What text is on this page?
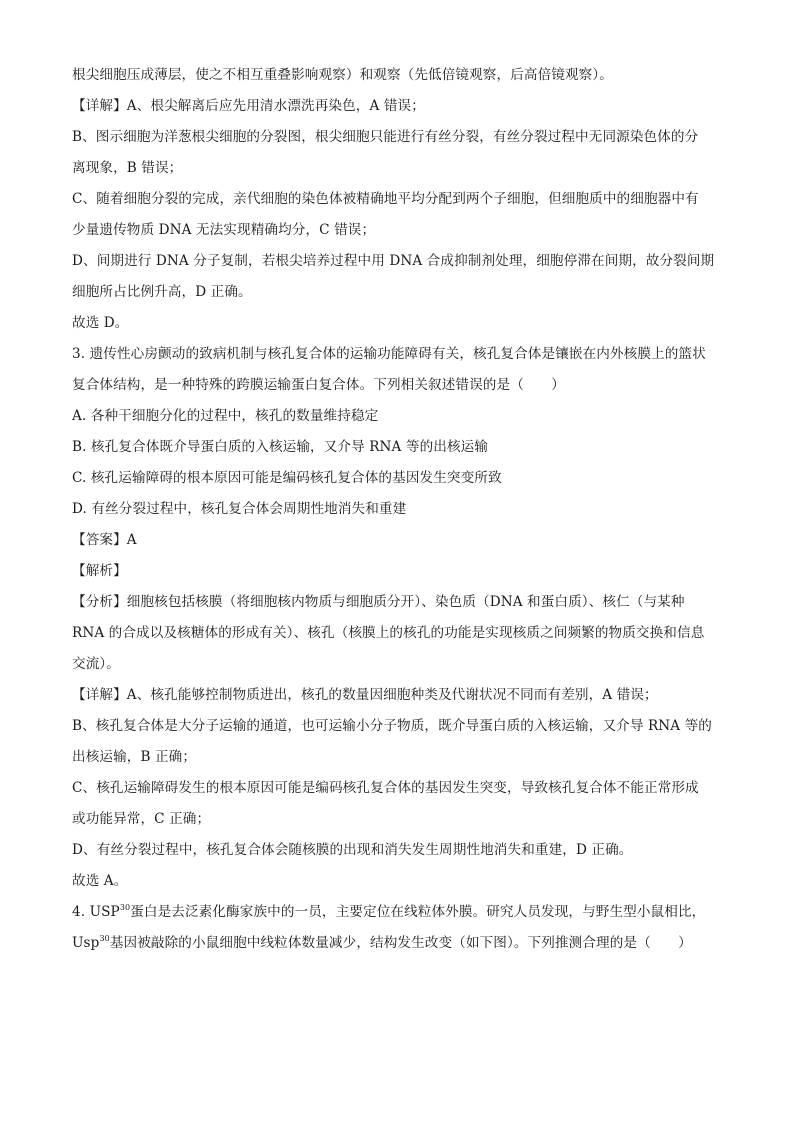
根尖细胞压成薄层，使之不相互重叠影响观察）和观察（先低倍镜观察，后高倍镜观察）。
【详解】A、根尖解离后应先用清水漂洗再染色，A 错误；
B、图示细胞为洋葱根尖细胞的分裂图，根尖细胞只能进行有丝分裂，有丝分裂过程中无同源染色体的分
离现象，B 错误；
C、随着细胞分裂的完成，亲代细胞的染色体被精确地平均分配到两个子细胞，但细胞质中的细胞器中有
少量遗传物质 DNA 无法实现精确均分，C 错误；
D、间期进行 DNA 分子复制，若根尖培养过程中用 DNA 合成抑制剂处理，细胞停滞在间期，故分裂间期
细胞所占比例升高，D 正确。
故选 D。
3. 遗传性心房颤动的致病机制与核孔复合体的运输功能障碍有关，核孔复合体是镶嵌在内外核膜上的篮状
复合体结构，是一种特殊的跨膜运输蛋白复合体。下列相关叙述错误的是（　　）
A. 各种干细胞分化的过程中，核孔的数量维持稳定
B. 核孔复合体既介导蛋白质的入核运输，又介导 RNA 等的出核运输
C. 核孔运输障碍的根本原因可能是编码核孔复合体的基因发生突变所致
D. 有丝分裂过程中，核孔复合体会周期性地消失和重建
【答案】A
【解析】
【分析】细胞核包括核膜（将细胞核内物质与细胞质分开）、染色质（DNA 和蛋白质）、核仁（与某种
RNA 的合成以及核糖体的形成有关）、核孔（核膜上的核孔的功能是实现核质之间频繁的物质交换和信息
交流）。
【详解】A、核孔能够控制物质进出，核孔的数量因细胞种类及代谢状况不同而有差别，A 错误；
B、核孔复合体是大分子运输的通道，也可运输小分子物质，既介导蛋白质的入核运输，又介导 RNA 等的
出核运输，B 正确；
C、核孔运输障碍发生的根本原因可能是编码核孔复合体的基因发生突变，导致核孔复合体不能正常形成
或功能异常，C 正确；
D、有丝分裂过程中，核孔复合体会随核膜的出现和消失发生周期性地消失和重建，D 正确。
故选 A。
4. USP$^{30}$蛋白是去泛素化酶家族中的一员，主要定位在线粒体外膜。研究人员发现，与野生型小鼠相比，
Usp$^{30}$基因被敲除的小鼠细胞中线粒体数量减少，结构发生改变（如下图）。下列推测合理的是（　　）
